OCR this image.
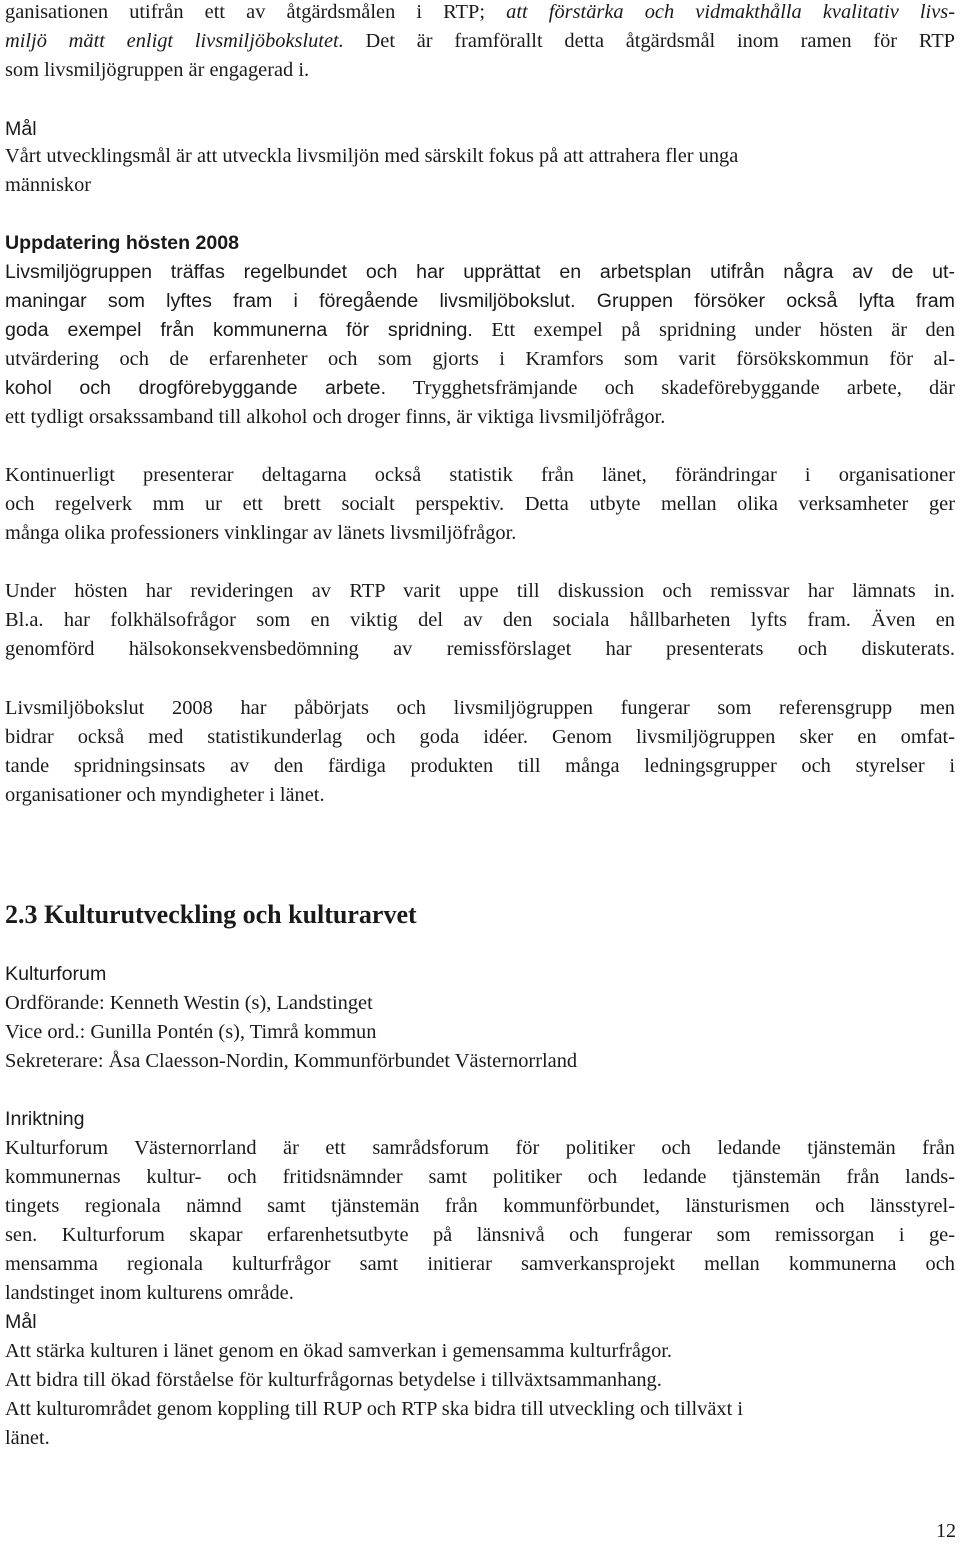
ganisationen utifrån ett av åtgärdsmålen i RTP; att förstärka och vidmakthålla kvalitativ livs-
miljö mätt enligt livsmiljöbokslutet. Det är framförallt detta åtgärdsmål inom ramen för RTP
som livsmiljögruppen är engagerad i.
Mål
Vårt utvecklingsmål är att utveckla livsmiljön med särskilt fokus på att attrahera fler unga
människor
Uppdatering hösten 2008
Livsmiljögruppen träffas regelbundet och har upprättat en arbetsplan utifrån några av de ut-
maningar som lyftes fram i föregående livsmiljöbokslut. Gruppen försöker också lyfta fram
goda exempel från kommunerna för spridning. Ett exempel på spridning under hösten är den
utvärdering och de erfarenheter och som gjorts i Kramfors som varit försökskommun för al-
kohol och drogförebyggande arbete. Trygghetsfrämjande och skadeförebyggande arbete, där
ett tydligt orsakssamband till alkohol och droger finns, är viktiga livsmiljöfrågor.
Kontinuerligt presenterar deltagarna också statistik från länet, förändringar i organisationer
och regelverk mm ur ett brett socialt perspektiv. Detta utbyte mellan olika verksamheter ger
många olika professioners vinklingar av länets livsmiljöfrågor.
Under hösten har revideringen av RTP varit uppe till diskussion och remissvar har lämnats in.
Bl.a. har folkhälsofrågor som en viktig del av den sociala hållbarheten lyfts fram. Även en
genomförd hälsokonsekvensbedömning av remissförslaget har presenterats och diskuterats.
Livsmiljöbokslut 2008 har påbörjats och livsmiljögruppen fungerar som referensgrupp men
bidrar också med statistikunderlag och goda idéer. Genom livsmiljögruppen sker en omfat-
tande spridningsinsats av den färdiga produkten till många ledningsgrupper och styrelser i
organisationer och myndigheter i länet.
2.3 Kulturutveckling och kulturarvet
Kulturforum
Ordförande: Kenneth Westin (s), Landstinget
Vice ord.: Gunilla Pontén (s), Timrå kommun
Sekreterare: Åsa Claesson-Nordin, Kommunförbundet Västernorrland
Inriktning
Kulturforum Västernorrland är ett samrådsforum för politiker och ledande tjänstemän från
kommunernas kultur- och fritidsnämnder samt politiker och ledande tjänstemän från lands-
tingets regionala nämnd samt tjänstemän från kommunförbundet, länsturismen och länsstyrel-
sen. Kulturforum skapar erfarenhetsutbyte på länsnivå och fungerar som remissorgan i ge-
mensamma regionala kulturfrågor samt initierar samverkansprojekt mellan kommunerna och
landstinget inom kulturens område.
Mål
Att stärka kulturen i länet genom en ökad samverkan i gemensamma kulturfrågor.
Att bidra till ökad förståelse för kulturfrågornas betydelse i tillväxtsammanhang.
Att kulturområdet genom koppling till RUP och RTP ska bidra till utveckling och tillväxt i
länet.
12
